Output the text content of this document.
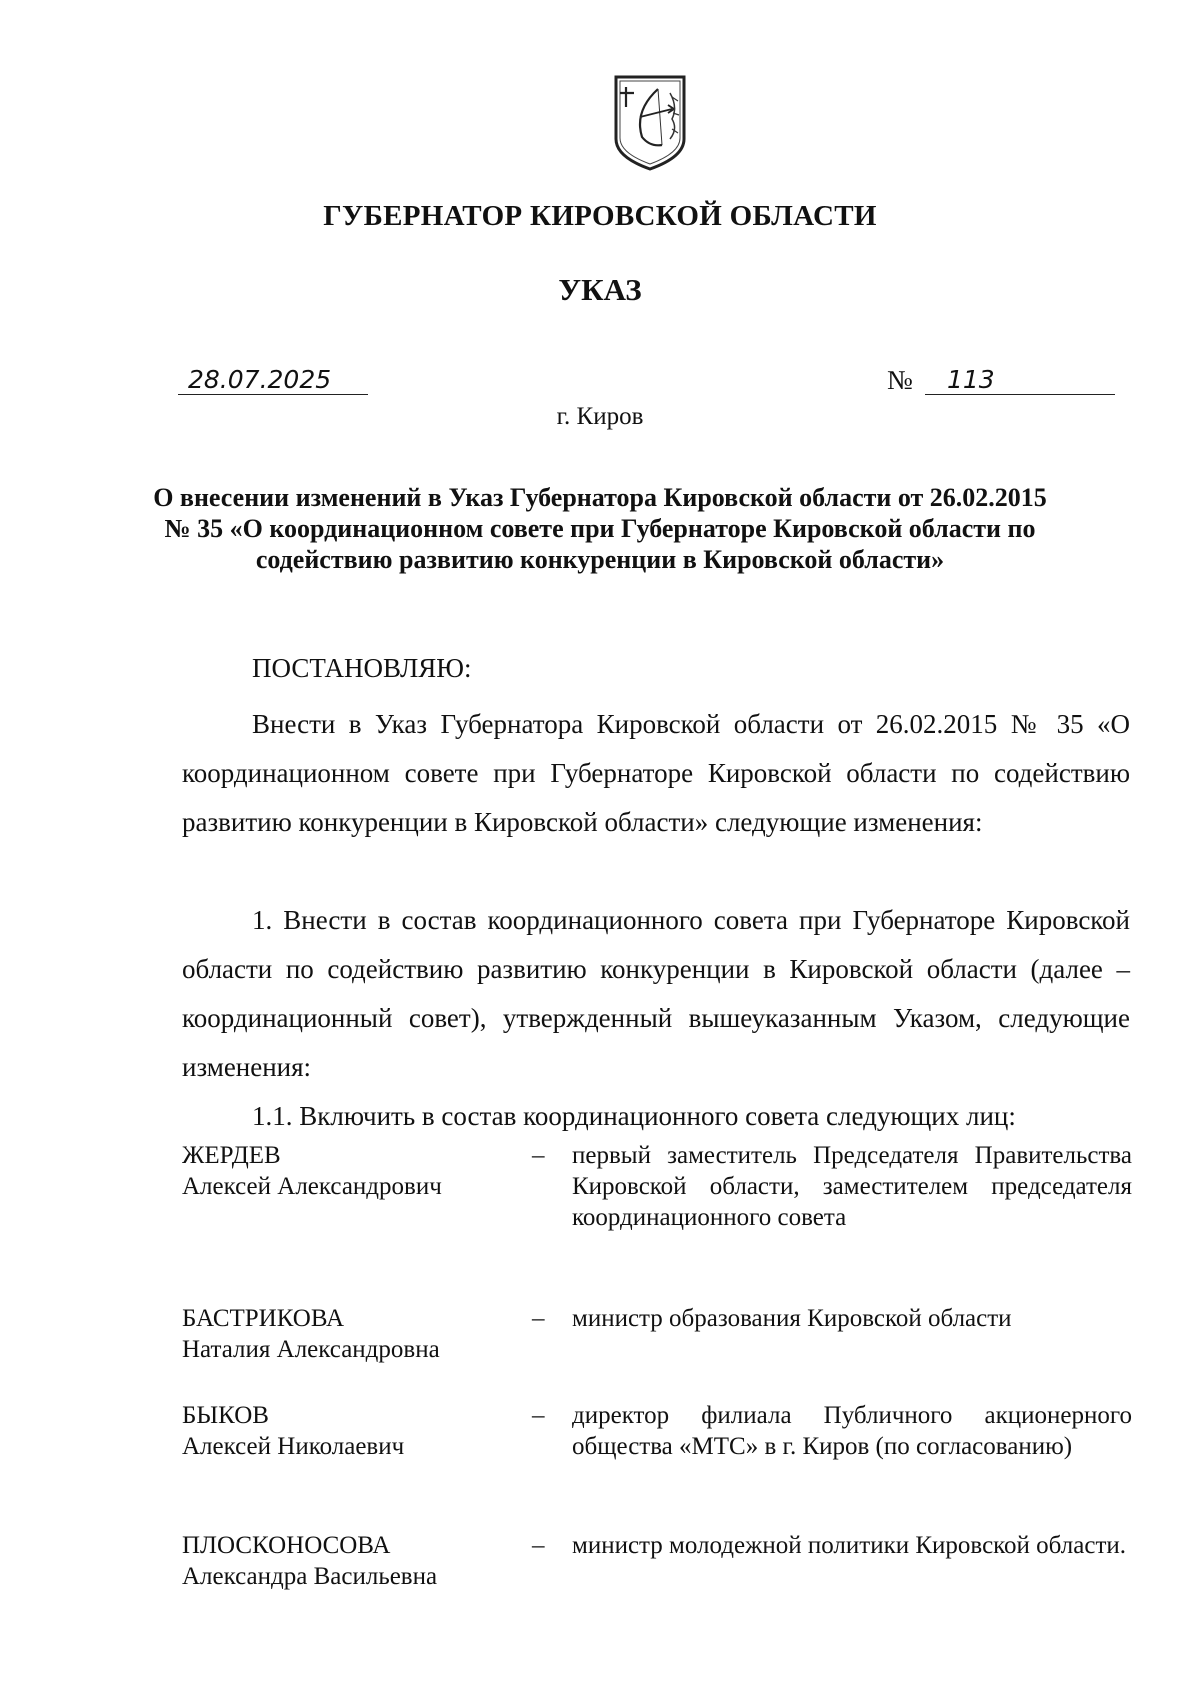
ГУБЕРНАТОР КИРОВСКОЙ ОБЛАСТИ
УКАЗ
28.07.2025	№	113
г. Киров
О внесении изменений в Указ Губернатора Кировской области от 26.02.2015 № 35 «О координационном совете при Губернаторе Кировской области по содействию развитию конкуренции в Кировской области»
ПОСТАНОВЛЯЮ:
Внести в Указ Губернатора Кировской области от 26.02.2015 № 35 «О координационном совете при Губернаторе Кировской области по содействию развитию конкуренции в Кировской области» следующие изменения:
1. Внести в состав координационного совета при Губернаторе Кировской области по содействию развитию конкуренции в Кировской области (далее – координационный совет), утвержденный вышеуказанным Указом, следующие изменения:
1.1. Включить в состав координационного совета следующих лиц:
ЖЕРДЕВ
Алексей Александрович
– первый заместитель Председателя Правительства Кировской области, заместителем председателя координационного совета
БАСТРИКОВА
Наталия Александровна
– министр образования Кировской области
БЫКОВ
Алексей Николаевич
– директор филиала Публичного акционерного общества «МТС» в г. Киров (по согласованию)
ПЛОСКОНОСОВА
Александра Васильевна
– министр молодежной политики Кировской области.
